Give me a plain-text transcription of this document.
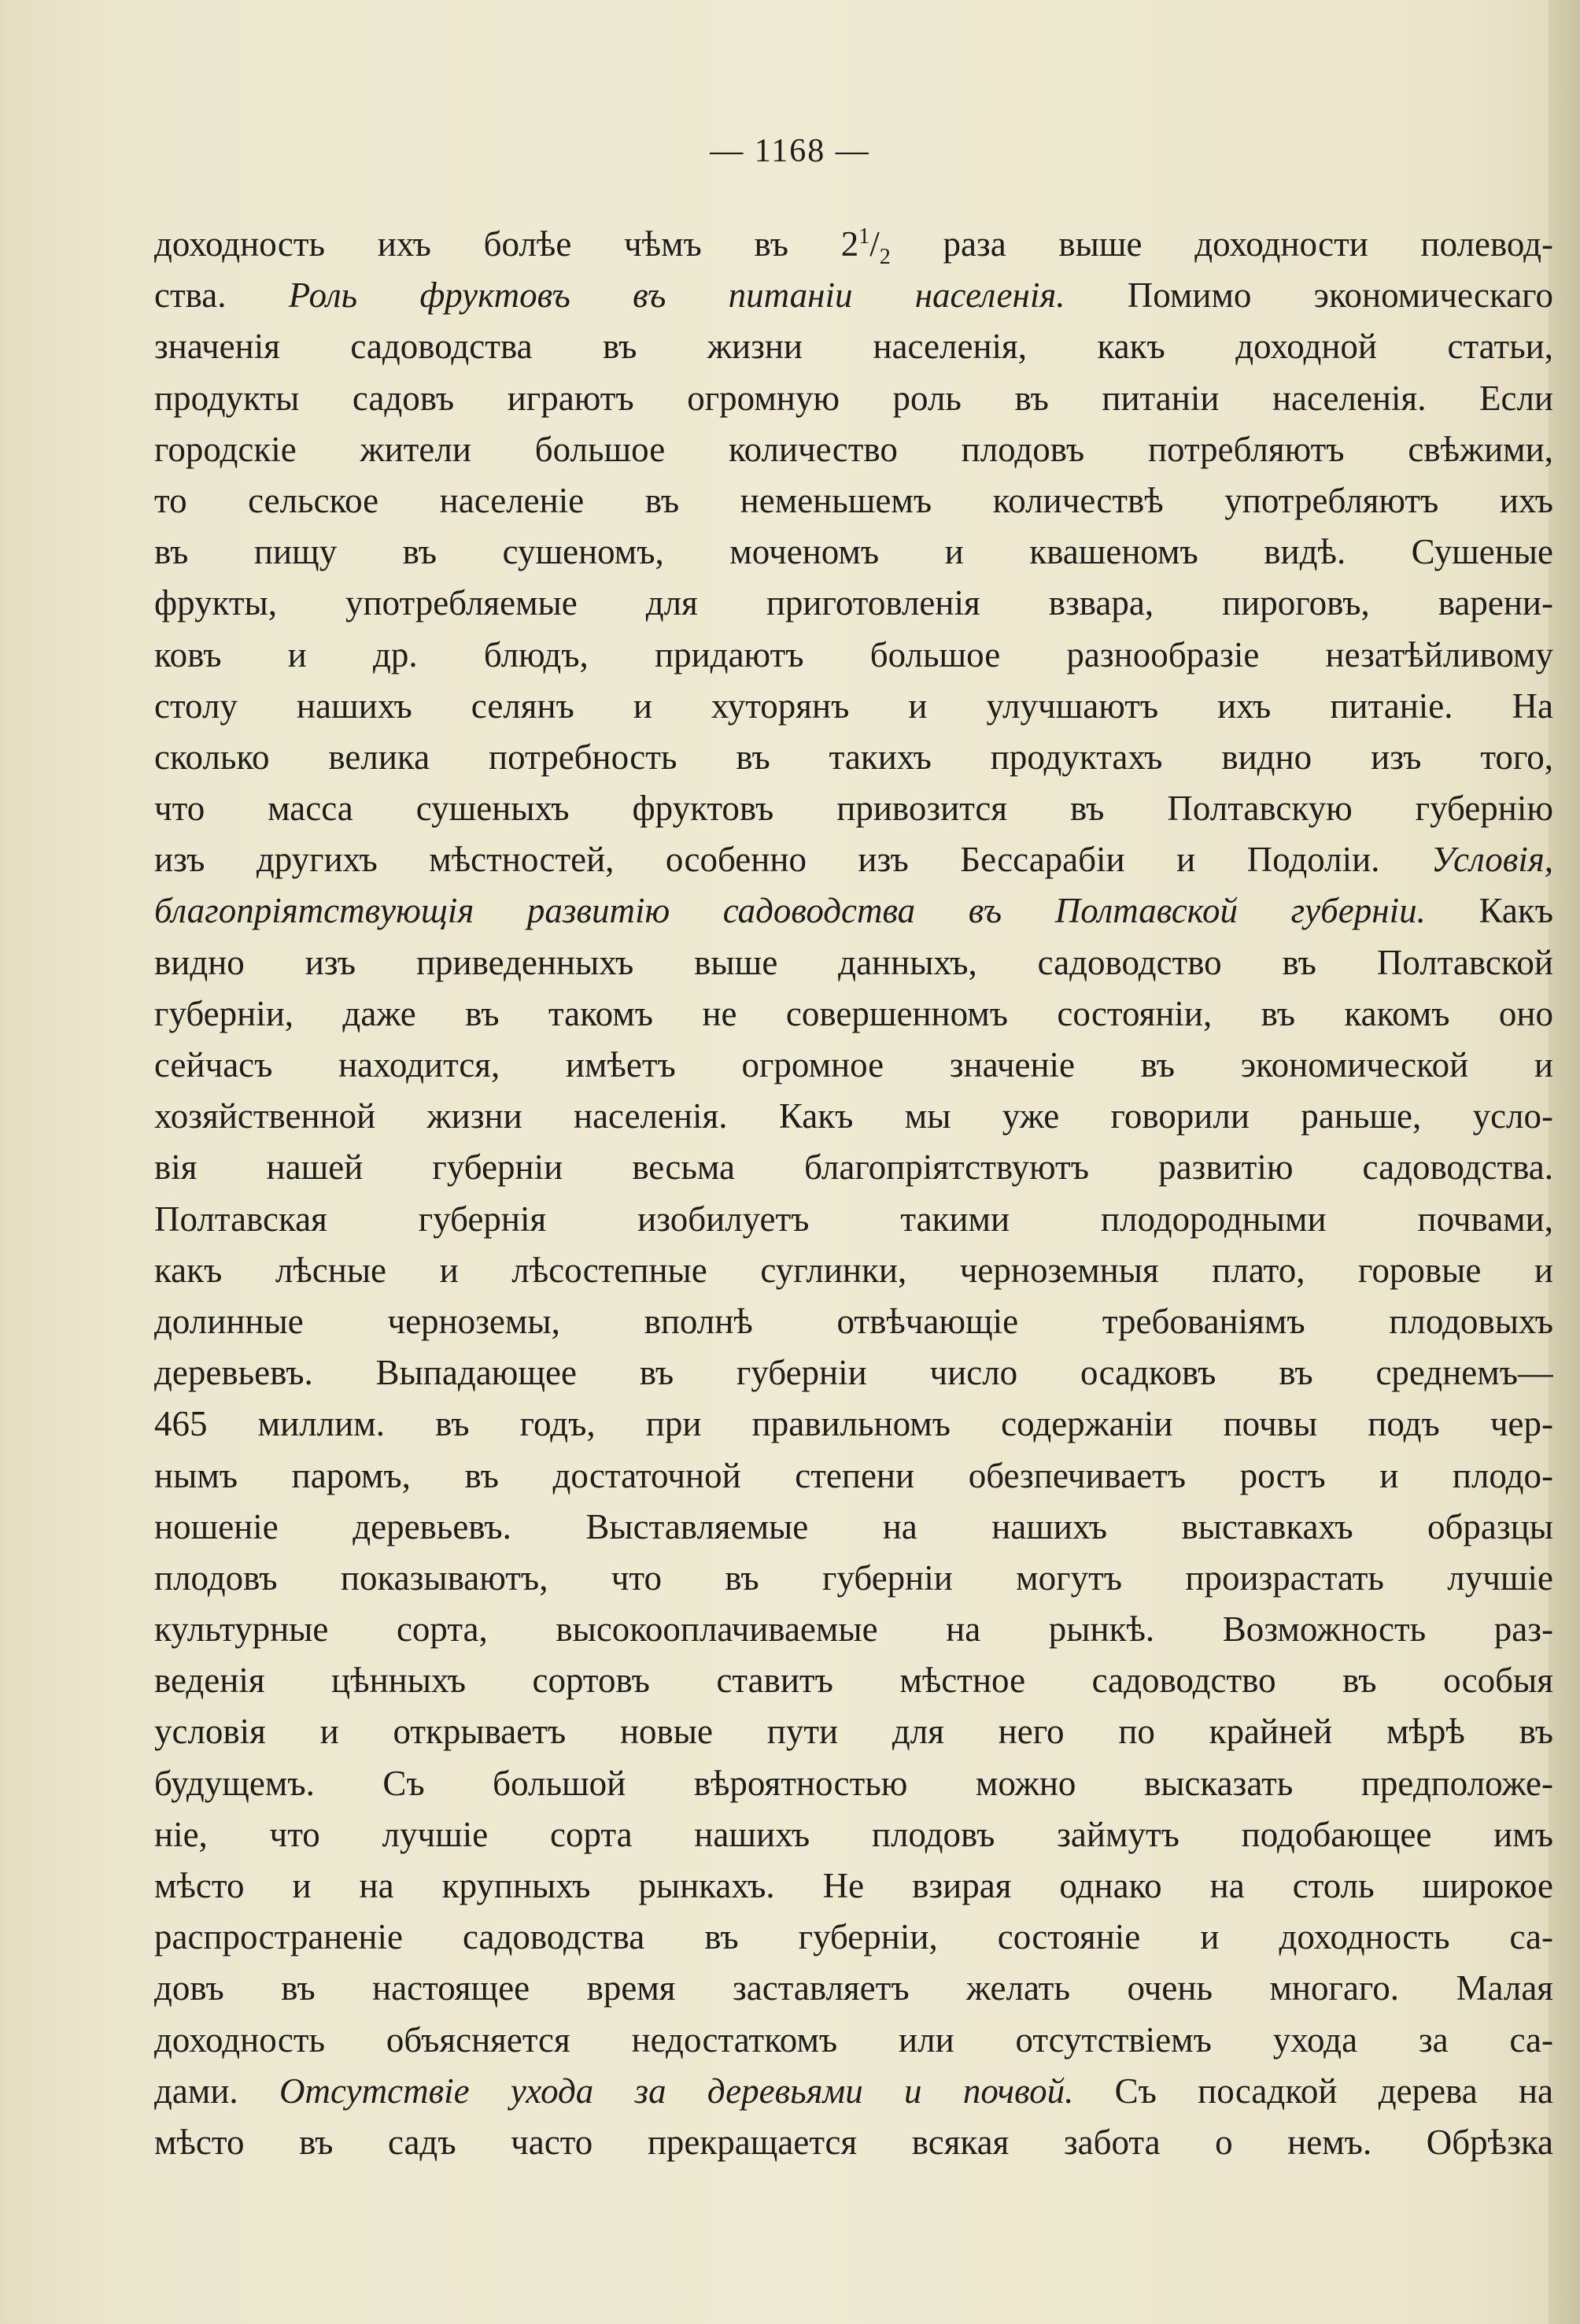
— 1168 —
доходность ихъ болѣе чѣмъ въ $2^1/_2$ раза выше доходности полевод-
ства. Роль фруктовъ въ питаніи населенія. Помимо экономическаго
значенія садоводства въ жизни населенія, какъ доходной статьи,
продукты садовъ играютъ огромную роль въ питаніи населенія. Если
городскіе жители большое количество плодовъ потребляютъ свѣжими,
то сельское населеніе въ неменьшемъ количествѣ употребляютъ ихъ
въ пищу въ сушеномъ, моченомъ и квашеномъ видѣ. Сушеные
фрукты, употребляемые для приготовленія взвара, пироговъ, варени-
ковъ и др. блюдъ, придаютъ большое разнообразіе незатѣйливому
столу нашихъ селянъ и хуторянъ и улучшаютъ ихъ питаніе. На
сколько велика потребность въ такихъ продуктахъ видно изъ того,
что масса сушеныхъ фруктовъ привозится въ Полтавскую губернію
изъ другихъ мѣстностей, особенно изъ Бессарабіи и Подоліи. Условія,
благопріятствующія развитію садоводства въ Полтавской губерніи. Какъ
видно изъ приведенныхъ выше данныхъ, садоводство въ Полтавской
губерніи, даже въ такомъ не совершенномъ состояніи, въ какомъ оно
сейчасъ находится, имѣетъ огромное значеніе въ экономической и
хозяйственной жизни населенія. Какъ мы уже говорили раньше, усло-
вія нашей губерніи весьма благопріятствуютъ развитію садоводства.
Полтавская губернія изобилуетъ такими плодородными почвами,
какъ лѣсные и лѣсостепные суглинки, черноземныя плато, горовые и
долинные черноземы, вполнѣ отвѣчающіе требованіямъ плодовыхъ
деревьевъ. Выпадающее въ губерніи число осадковъ въ среднемъ—
465 миллим. въ годъ, при правильномъ содержаніи почвы подъ чер-
нымъ паромъ, въ достаточной степени обезпечиваетъ ростъ и плодо-
ношеніе деревьевъ. Выставляемые на нашихъ выставкахъ образцы
плодовъ показываютъ, что въ губерніи могутъ произрастать лучшіе
культурные сорта, высокооплачиваемые на рынкѣ. Возможность раз-
веденія цѣнныхъ сортовъ ставитъ мѣстное садоводство въ особыя
условія и открываетъ новые пути для него по крайней мѣрѣ въ
будущемъ. Съ большой вѣроятностью можно высказать предположе-
ніе, что лучшіе сорта нашихъ плодовъ займутъ подобающее имъ
мѣсто и на крупныхъ рынкахъ. Не взирая однако на столь широкое
распространеніе садоводства въ губерніи, состояніе и доходность са-
довъ въ настоящее время заставляетъ желать очень многаго. Малая
доходность объясняется недостаткомъ или отсутствіемъ ухода за са-
дами. Отсутствіе ухода за деревьями и почвой. Съ посадкой дерева на
мѣсто въ садъ часто прекращается всякая забота о немъ. Обрѣзка
